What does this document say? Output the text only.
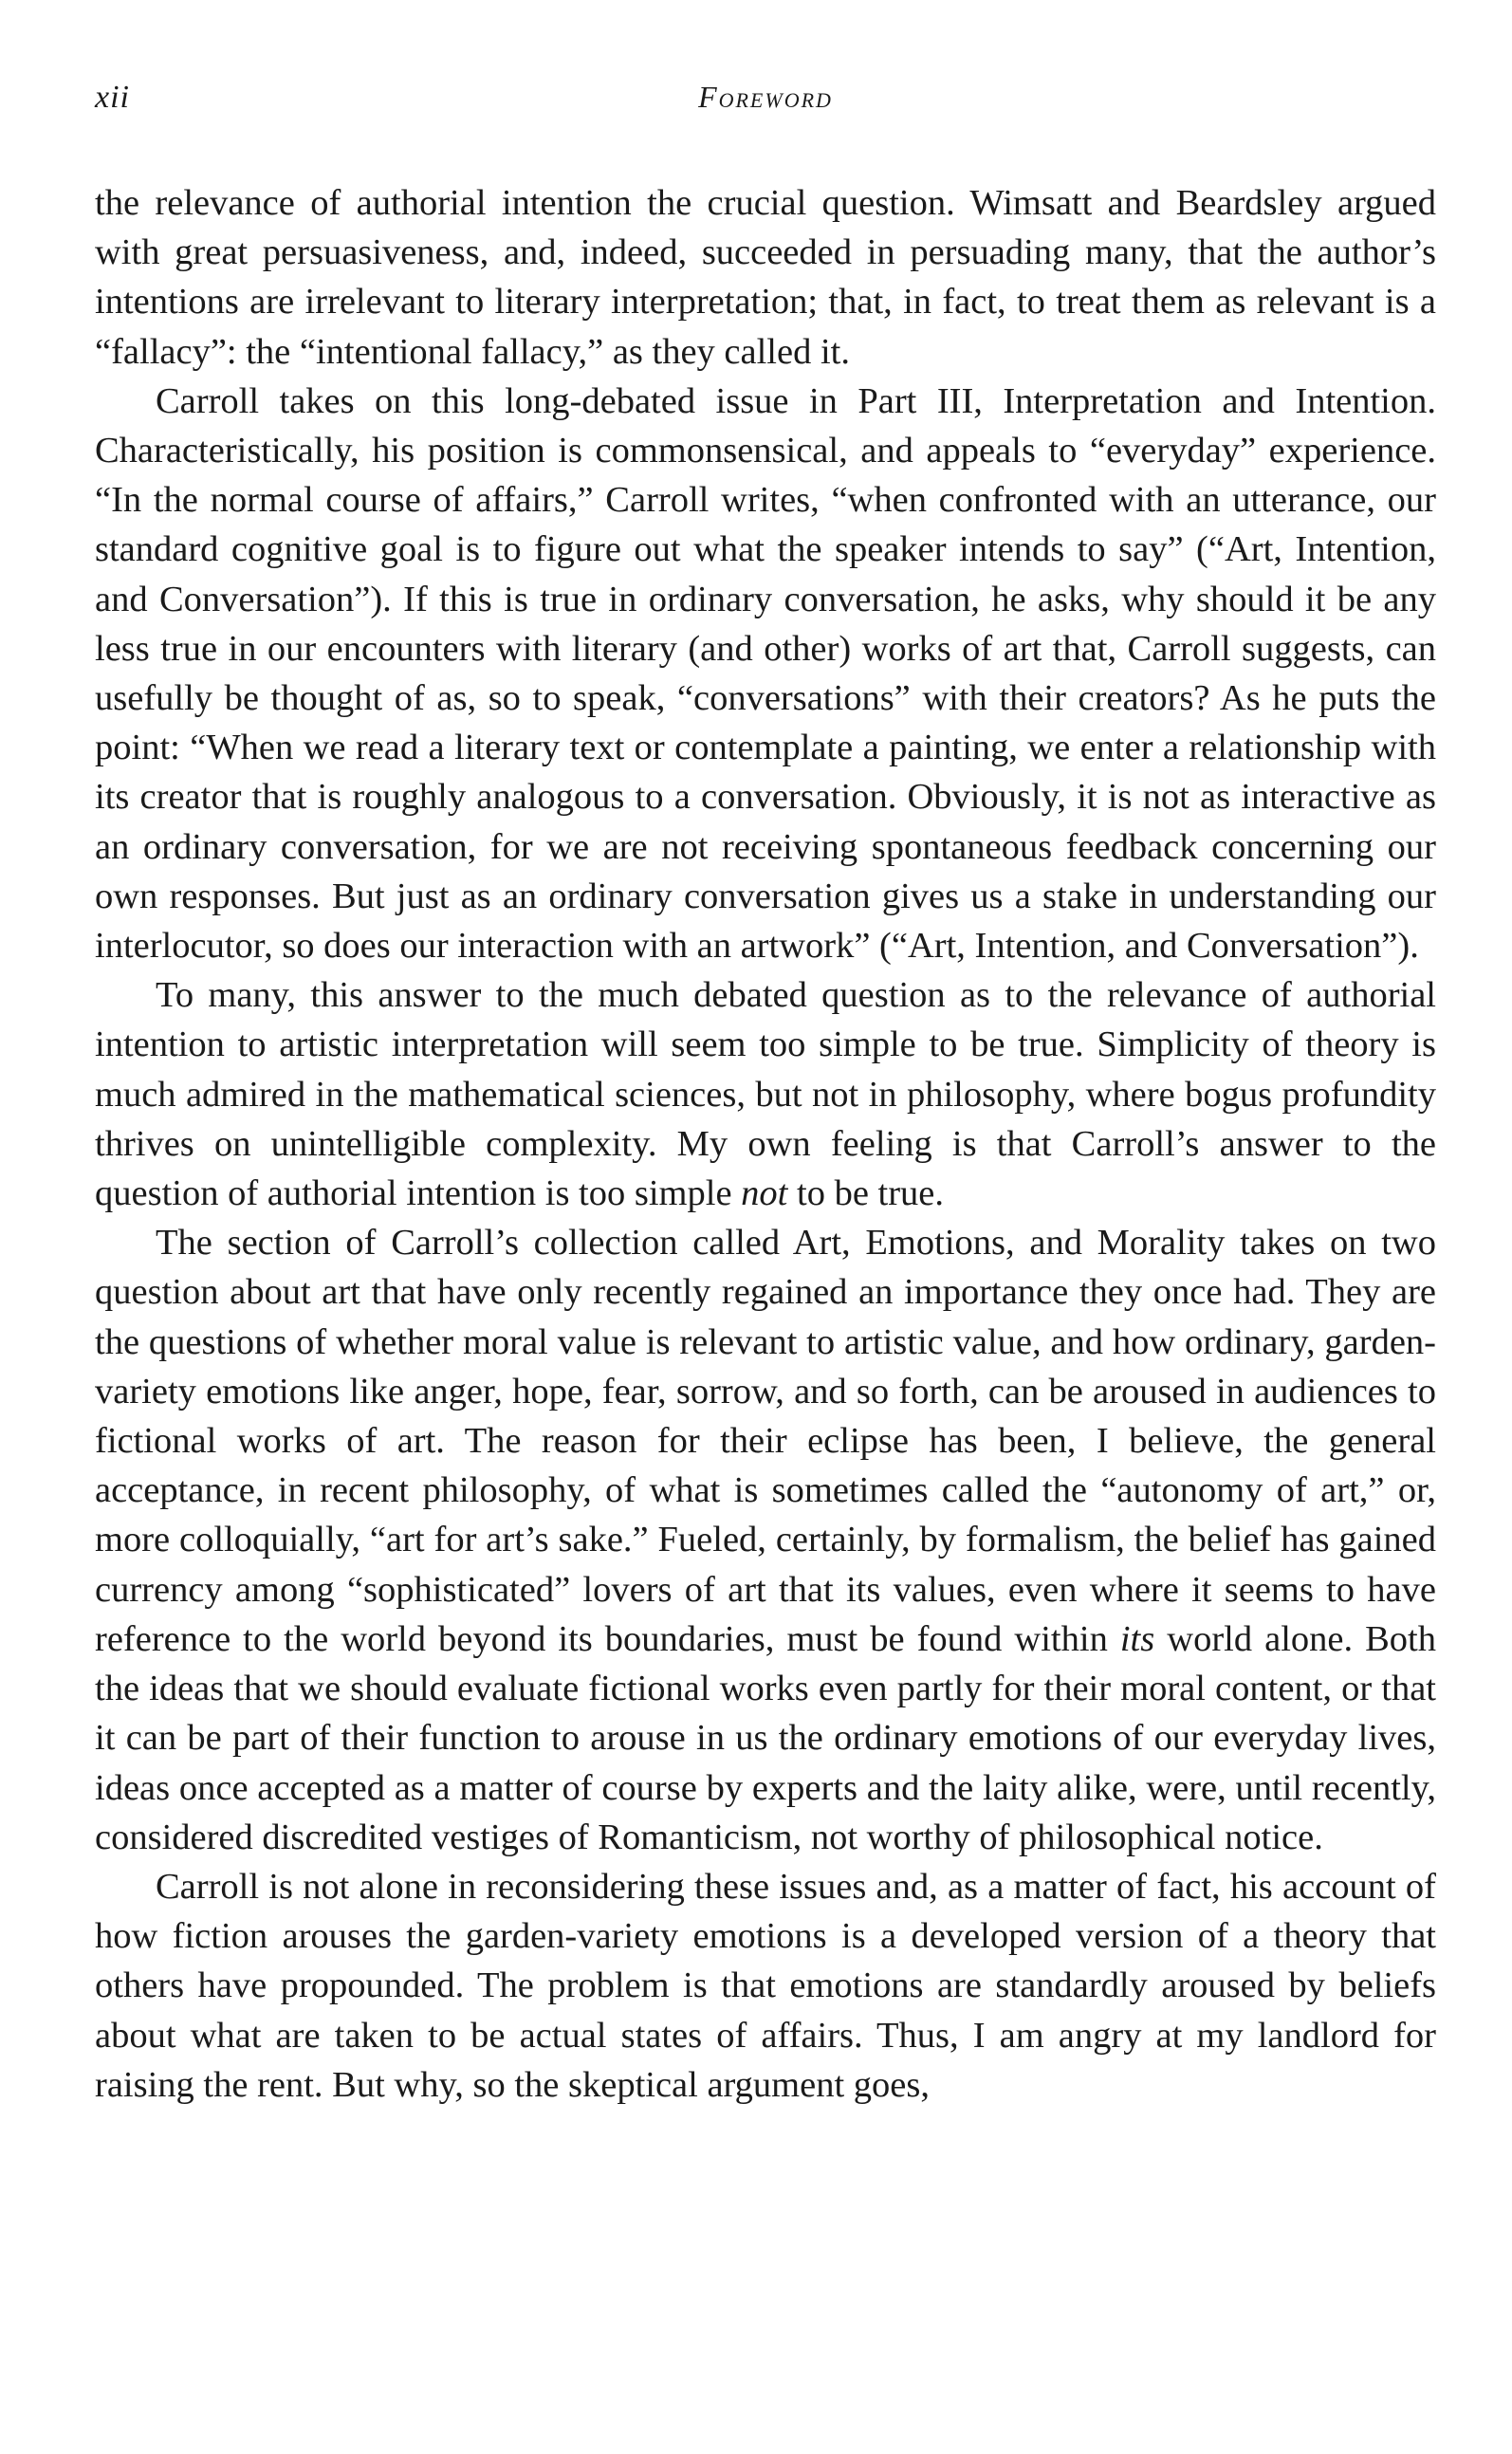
xii	Foreword

the relevance of authorial intention the crucial question. Wimsatt and Beardsley argued with great persuasiveness, and, indeed, succeeded in persuading many, that the author’s intentions are irrelevant to literary interpretation; that, in fact, to treat them as relevant is a “fallacy”: the “intentional fallacy,” as they called it.

Carroll takes on this long-debated issue in Part III, Interpretation and Intention. Characteristically, his position is commonsensical, and appeals to “everyday” experience. “In the normal course of affairs,” Carroll writes, “when confronted with an utterance, our standard cognitive goal is to figure out what the speaker intends to say” (“Art, Intention, and Conversation”). If this is true in ordinary conversation, he asks, why should it be any less true in our encounters with literary (and other) works of art that, Carroll suggests, can usefully be thought of as, so to speak, “conversations” with their creators? As he puts the point: “When we read a literary text or contemplate a painting, we enter a relationship with its creator that is roughly analogous to a conversation. Obviously, it is not as interactive as an ordinary conversation, for we are not receiving spontaneous feedback concerning our own responses. But just as an ordinary conversation gives us a stake in understanding our interlocutor, so does our interaction with an artwork” (“Art, Intention, and Conversation”).

To many, this answer to the much debated question as to the relevance of authorial intention to artistic interpretation will seem too simple to be true. Simplicity of theory is much admired in the mathematical sciences, but not in philosophy, where bogus profundity thrives on unintelligible complexity. My own feeling is that Carroll’s answer to the question of authorial intention is too simple not to be true.

The section of Carroll’s collection called Art, Emotions, and Morality takes on two question about art that have only recently regained an importance they once had. They are the questions of whether moral value is relevant to artistic value, and how ordinary, garden-variety emotions like anger, hope, fear, sorrow, and so forth, can be aroused in audiences to fictional works of art. The reason for their eclipse has been, I believe, the general acceptance, in recent philosophy, of what is sometimes called the “autonomy of art,” or, more colloquially, “art for art’s sake.” Fueled, certainly, by formalism, the belief has gained currency among “sophisticated” lovers of art that its values, even where it seems to have reference to the world beyond its boundaries, must be found within its world alone. Both the ideas that we should evaluate fictional works even partly for their moral content, or that it can be part of their function to arouse in us the ordinary emotions of our everyday lives, ideas once accepted as a matter of course by experts and the laity alike, were, until recently, considered discredited vestiges of Romanticism, not worthy of philosophical notice.

Carroll is not alone in reconsidering these issues and, as a matter of fact, his account of how fiction arouses the garden-variety emotions is a developed version of a theory that others have propounded. The problem is that emotions are standardly aroused by beliefs about what are taken to be actual states of affairs. Thus, I am angry at my landlord for raising the rent. But why, so the skeptical argument goes,
